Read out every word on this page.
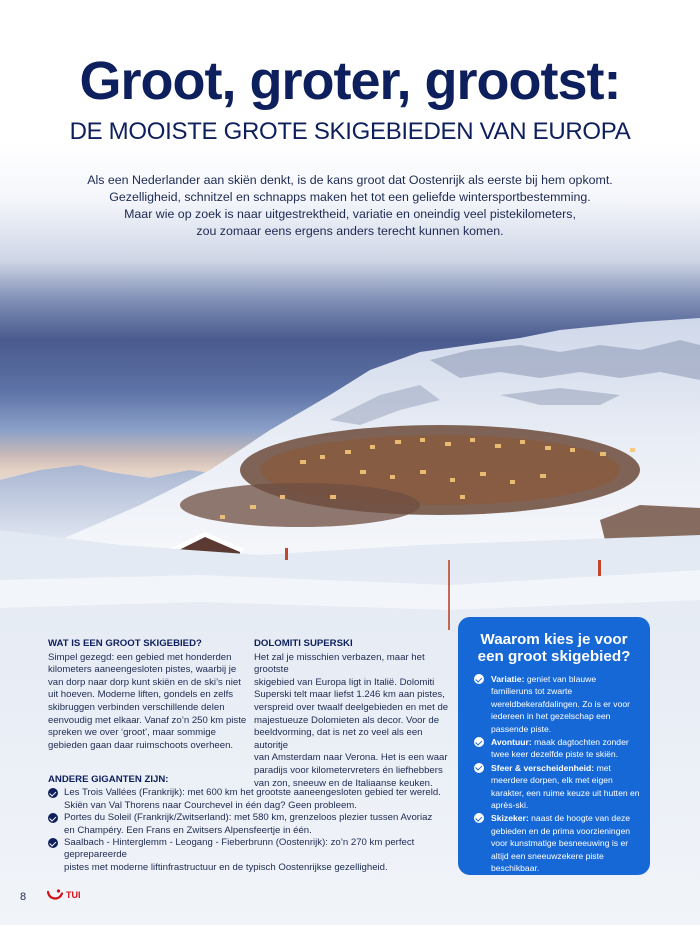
Groot, groter, grootst:
DE MOOISTE GROTE SKIGEBIEDEN VAN EUROPA

Als een Nederlander aan skiën denkt, is de kans groot dat Oostenrijk als eerste bij hem opkomt.

Gezelligheid, schnitzel en schnapps maken het tot een geliefde wintersportbestemming.

Maar wie op zoek is naar uitgestrektheid, variatie en oneindig veel pistekilometers,

zou zomaar eens ergens anders terecht kunnen komen.

WAT IS EEN GROOT SKIGEBIED?

Simpel gezegd: een gebied met honderden

kilometers aaneengesloten pistes, waarbij je

van dorp naar dorp kunt skiën en de ski’s niet

uit hoeven. Moderne liften, gondels en zelfs

skibruggen verbinden verschillende delen

eenvoudig met elkaar. Vanaf zo’n 250 km piste

spreken we over ‘groot’, maar sommige

gebieden gaan daar ruimschoots overheen.

DOLOMITI SUPERSKI

Het zal je misschien verbazen, maar het grootste

skigebied van Europa ligt in Italië. Dolomiti

Superski telt maar liefst 1.246 km aan pistes,

verspreid over twaalf deelgebieden en met de

majestueuze Dolomieten als decor. Voor de

beeldvorming, dat is net zo veel als een autoritje

van Amsterdam naar Verona. Het is een waar

paradijs voor kilometervreters én liefhebbers

van zon, sneeuw en de Italiaanse keuken.

ANDERE GIGANTEN ZIJN:
Les Trois Vallées (Frankrijk): met 600 km het grootste aaneengesloten gebied ter wereld.
Skiën van Val Thorens naar Courchevel in één dag? Geen probleem.
Portes du Soleil (Frankrijk/Zwitserland): met 580 km, grenzeloos plezier tussen Avoriaz
en Champéry. Een Frans en Zwitsers Alpensfeertje in één.
Saalbach - Hinterglemm - Leogang - Fieberbrunn (Oostenrijk): zo’n 270 km perfect geprepareerde
pistes met moderne liftinfrastructuur en de typisch Oostenrijkse gezelligheid.
Waarom kies je voor een groot skigebied?
Variatie: geniet van blauwe familieruns tot zwarte wereldbekerafdalingen. Zo is er voor iedereen in het gezelschap een passende piste.
Avontuur: maak dagtochten zonder twee keer dezelfde piste te skiën.
Sfeer & verscheidenheid: met meerdere dorpen, elk met eigen karakter, een ruime keuze uit hutten en après-ski.
Skizeker: naast de hoogte van deze gebieden en de prima voorzieningen voor kunstmatige besneeuwing is er altijd een sneeuwzekere piste beschikbaar.
8	TUI
